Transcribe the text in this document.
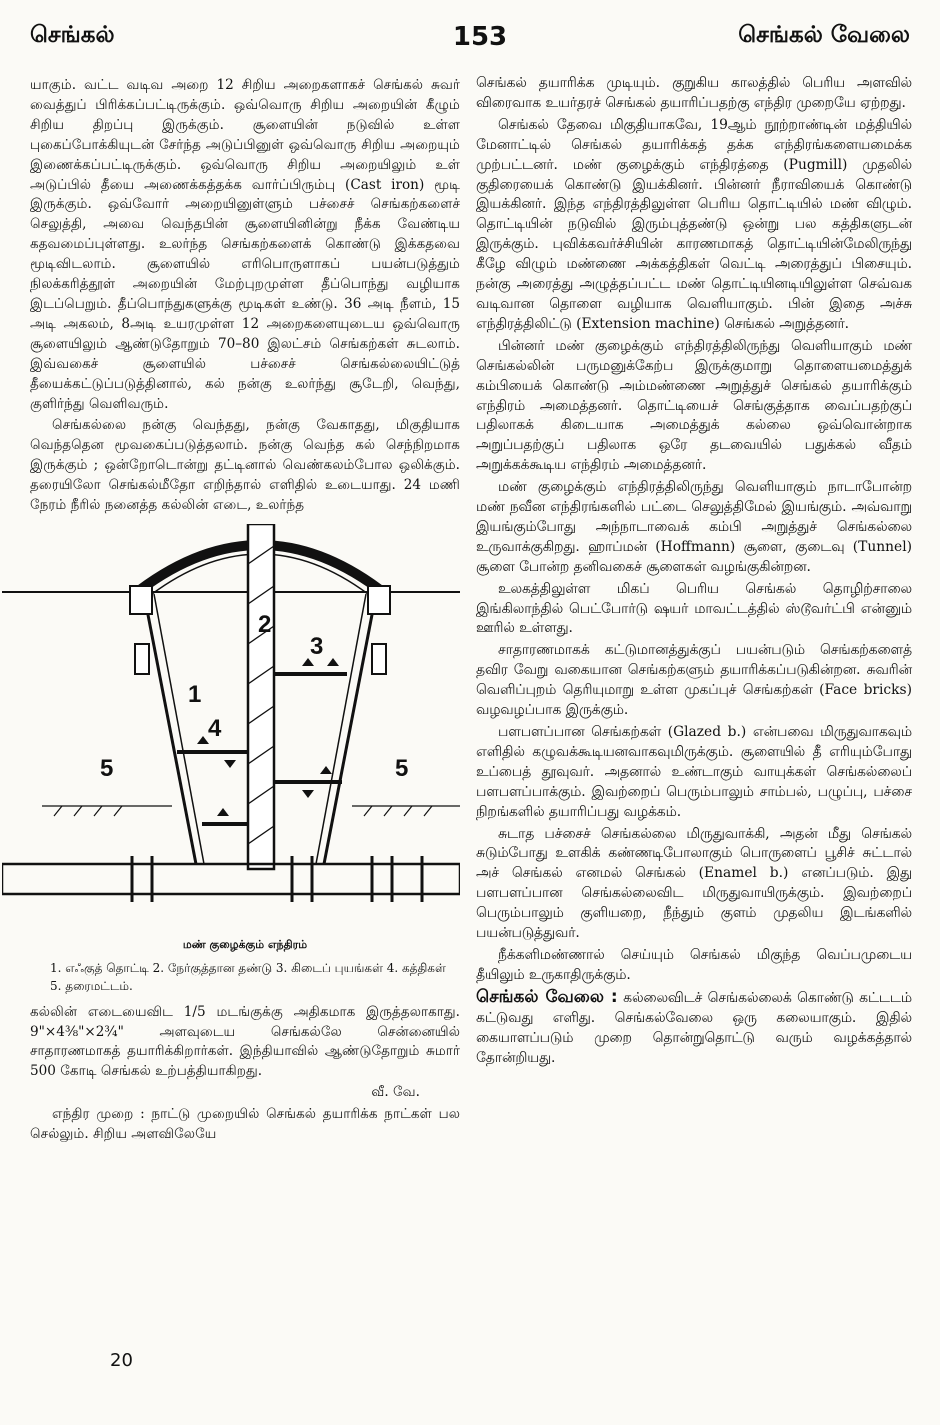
செங்கல்	153	செங்கல் வேலை

யாகும். வட்ட வடிவ அறை 12 சிறிய அறைகளாகச் செங்கல் சுவர் வைத்துப் பிரிக்கப்பட்டிருக்கும். ஒவ்வொரு சிறிய அறையின் கீழும் சிறிய திறப்பு இருக்கும். சூளையின் நடுவில் உள்ள புகைப்போக்கியுடன் சேர்ந்த அடுப்பினுள் ஒவ்வொரு சிறிய அறையும் இணைக்கப்பட்டிருக்கும். ஒவ்வொரு சிறிய அறையிலும் உள் அடுப்பில் தீயை அணைக்கத்தக்க வார்ப்பிரும்பு (Cast iron) மூடி இருக்கும். ஒவ்வோர் அறையினுள்ளும் பச்சைச் செங்கற்களைச் செலுத்தி, அவை வெந்தபின் சூளையினின்று நீக்க வேண்டிய கதவமைப்புள்ளது. உலர்ந்த செங்கற்களைக் கொண்டு இக்கதவை மூடிவிடலாம். சூளையில் எரிபொருளாகப் பயன்படுத்தும் நிலக்கரித்தூள் அறையின் மேற்புறமுள்ள தீப்பொந்து வழியாக இடப்பெறும். தீப்பொந்துகளுக்கு மூடிகள் உண்டு. 36 அடி நீளம், 15 அடி அகலம், 8அடி உயரமுள்ள 12 அறைகளையுடைய ஒவ்வொரு சூளையிலும் ஆண்டுதோறும் 70–80 இலட்சம் செங்கற்கள் சுடலாம். இவ்வகைச் சூளையில் பச்சைச் செங்கல்லையிட்டுத் தீயைக்கட்டுப்படுத்தினால், கல் நன்கு உலர்ந்து சூடேறி, வெந்து, குளிர்ந்து வெளிவரும்.

செங்கல்லை நன்கு வெந்தது, நன்கு வேகாதது, மிகுதியாக வெந்ததென மூவகைப்படுத்தலாம். நன்கு வெந்த கல் செந்நிறமாக இருக்கும் ; ஒன்றோடொன்று தட்டினால் வெண்கலம்போல ஒலிக்கும். தரையிலோ செங்கல்மீதோ எறிந்தால் எளிதில் உடையாது. 24 மணி நேரம் நீரில் நனைத்த கல்லின் எடை, உலர்ந்த

1
2
3
4
5	5
மண் குழைக்கும் எந்திரம்
1. எஃகுத் தொட்டி 2. நேர்குத்தான தண்டு 3. கிடைப் புயங்கள் 4. கத்திகள் 5. தரைமட்டம்.

கல்லின் எடையைவிட 1/5 மடங்குக்கு அதிகமாக இருத்தலாகாது. 9"×4⅜"×2¾" அளவுடைய செங்கல்லே சென்னையில் சாதாரணமாகத் தயாரிக்கிறார்கள். இந்தியாவில் ஆண்டுதோறும் சுமார் 500 கோடி செங்கல் உற்பத்தியாகிறது.

வீ. வே.

எந்திர முறை : நாட்டு முறையில் செங்கல் தயாரிக்க நாட்கள் பல செல்லும். சிறிய அளவிலேயே

செங்கல் தயாரிக்க முடியும். குறுகிய காலத்தில் பெரிய அளவில் விரைவாக உயர்தரச் செங்கல் தயாரிப்பதற்கு எந்திர முறையே ஏற்றது.

செங்கல் தேவை மிகுதியாகவே, 19ஆம் நூற்றாண்டின் மத்தியில் மேனாட்டில் செங்கல் தயாரிக்கத் தக்க எந்திரங்களையமைக்க முற்பட்டனர். மண் குழைக்கும் எந்திரத்தை (Pugmill) முதலில் குதிரையைக் கொண்டு இயக்கினர். பின்னர் நீராவியைக் கொண்டு இயக்கினர். இந்த எந்திரத்திலுள்ள பெரிய தொட்டியில் மண் விழும். தொட்டியின் நடுவில் இரும்புத்தண்டு ஒன்று பல கத்திகளுடன் இருக்கும். புவிக்கவர்ச்சியின் காரணமாகத் தொட்டியின்மேலிருந்து கீழே விழும் மண்ணை அக்கத்திகள் வெட்டி அரைத்துப் பிசையும். நன்கு அரைத்து அழுத்தப்பட்ட மண் தொட்டியினடியிலுள்ள செவ்வக வடிவான தொளை வழியாக வெளியாகும். பின் இதை அச்சு எந்திரத்திலிட்டு (Extension machine) செங்கல் அறுத்தனர்.

பின்னர் மண் குழைக்கும் எந்திரத்திலிருந்து வெளியாகும் மண் செங்கல்லின் பருமனுக்கேற்ப இருக்குமாறு தொளையமைத்துக் கம்பியைக் கொண்டு அம்மண்ணை அறுத்துச் செங்கல் தயாரிக்கும் எந்திரம் அமைத்தனர். தொட்டியைச் செங்குத்தாக வைப்பதற்குப் பதிலாகக் கிடையாக அமைத்துக் கல்லை ஒவ்வொன்றாக அறுப்பதற்குப் பதிலாக ஒரே தடவையில் பதுக்கல் வீதம் அறுக்கக்கூடிய எந்திரம் அமைத்தனர்.

மண் குழைக்கும் எந்திரத்திலிருந்து வெளியாகும் நாடாபோன்ற மண் நவீன எந்திரங்களில் பட்டை செலுத்திமேல் இயங்கும். அவ்வாறு இயங்கும்போது அந்நாடாவைக் கம்பி அறுத்துச் செங்கல்லை உருவாக்குகிறது. ஹாப்மன் (Hoffmann) சூளை, குடைவு (Tunnel) சூளை போன்ற தனிவகைச் சூளைகள் வழங்குகின்றன.

உலகத்திலுள்ள மிகப் பெரிய செங்கல் தொழிற்சாலை இங்கிலாந்தில் பெட்போர்டு ஷயர் மாவட்டத்தில் ஸ்டூவர்ட்பி என்னும் ஊரில் உள்ளது.

சாதாரணமாகக் கட்டுமானத்துக்குப் பயன்படும் செங்கற்களைத் தவிர வேறு வகையான செங்கற்களும் தயாரிக்கப்படுகின்றன. சுவரின் வெளிப்புறம் தெரியுமாறு உள்ள முகப்புச் செங்கற்கள் (Face bricks) வழவழப்பாக இருக்கும்.

பளபளப்பான செங்கற்கள் (Glazed b.) என்பவை மிருதுவாகவும் எளிதில் கழுவக்கூடியனவாகவுமிருக்கும். சூளையில் தீ எரியும்போது உப்பைத் தூவுவர். அதனால் உண்டாகும் வாயுக்கள் செங்கல்லைப் பளபளப்பாக்கும். இவற்றைப் பெரும்பாலும் சாம்பல், பழுப்பு, பச்சை நிறங்களில் தயாரிப்பது வழக்கம்.

சுடாத பச்சைச் செங்கல்லை மிருதுவாக்கி, அதன் மீது செங்கல் சுடும்போது உளகிக் கண்ணடிபோலாகும் பொருளைப் பூசிச் சுட்டால் அச் செங்கல் எனமல் செங்கல் (Enamel b.) எனப்படும். இது பளபளப்பான செங்கல்லைவிட மிருதுவாயிருக்கும். இவற்றைப் பெரும்பாலும் குளியறை, நீந்தும் குளம் முதலிய இடங்களில் பயன்படுத்துவர்.

நீக்களிமண்ணால் செய்யும் செங்கல் மிகுந்த வெப்பமுடைய தீயிலும் உருகாதிருக்கும்.

செங்கல் வேலை : கல்லைவிடச் செங்கல்லைக் கொண்டு கட்டடம் கட்டுவது எளிது. செங்கல்வேலை ஒரு கலையாகும். இதில் கையாளப்படும் முறை தொன்றுதொட்டு வரும் வழக்கத்தால் தோன்றியது.

20
